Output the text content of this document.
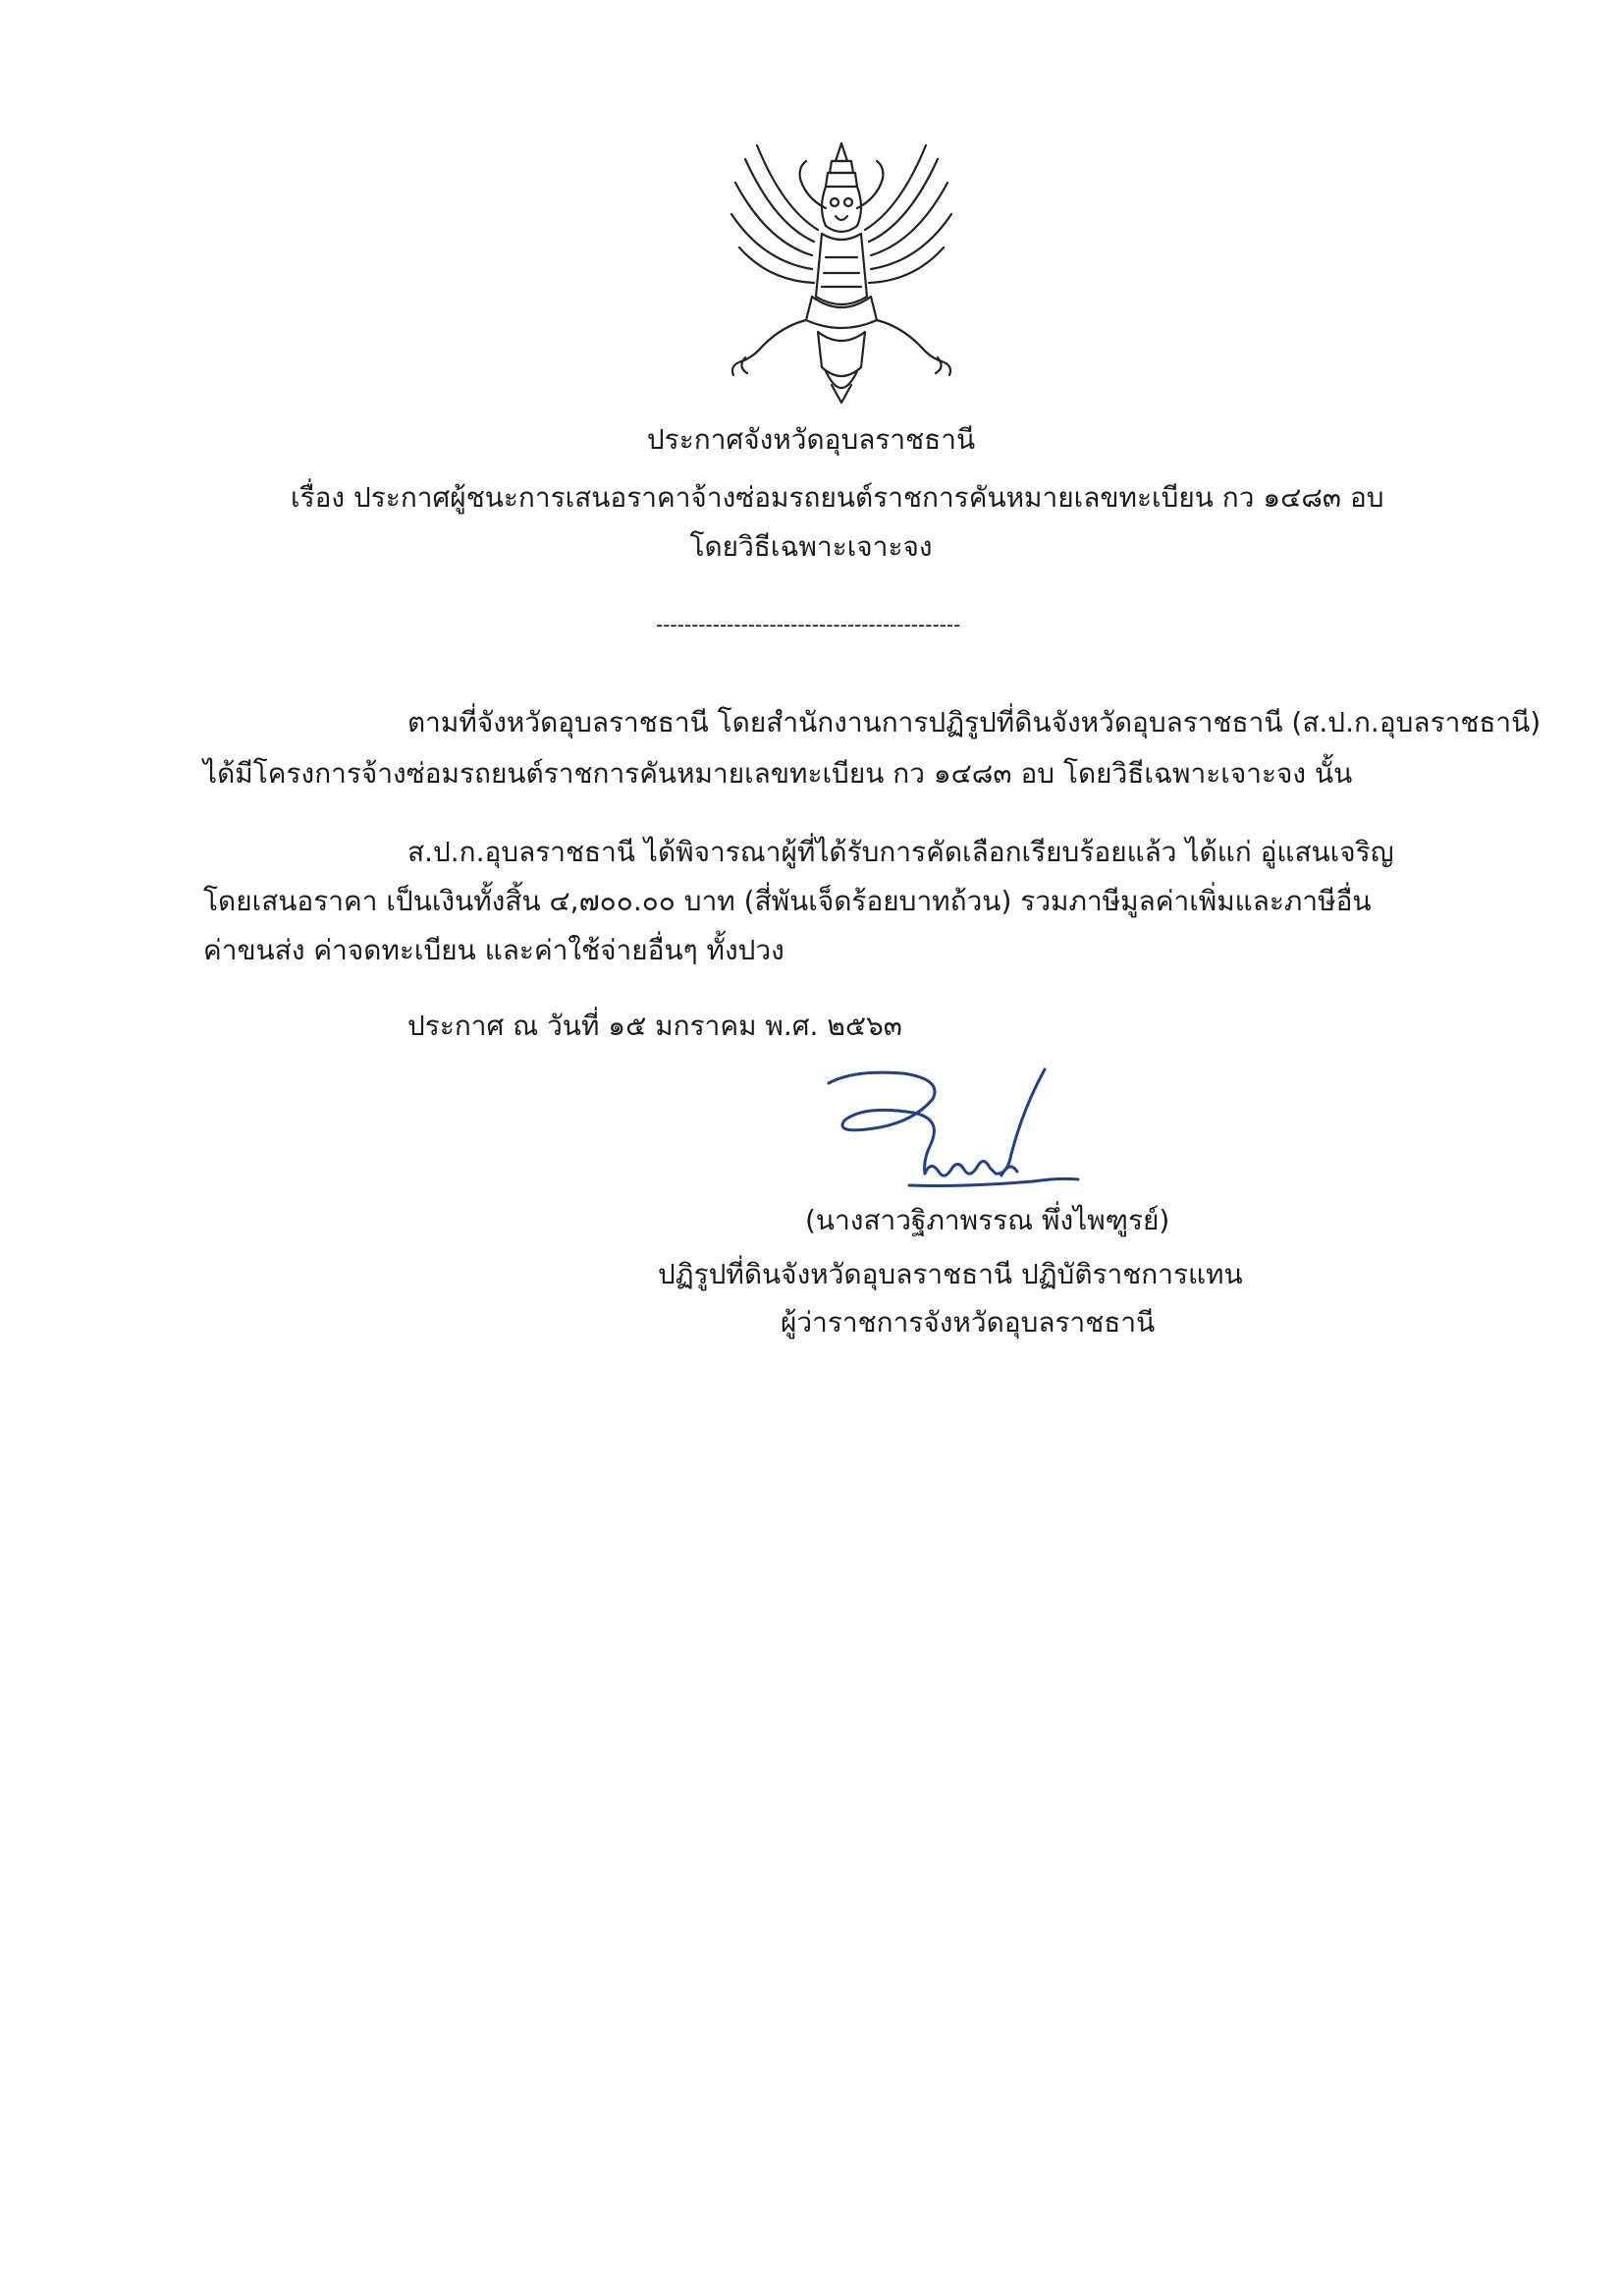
ประกาศจังหวัดอุบลราชธานี
เรื่อง ประกาศผู้ชนะการเสนอราคาจ้างซ่อมรถยนต์ราชการคันหมายเลขทะเบียน กว ๑๔๘๓ อบ
โดยวิธีเฉพาะเจาะจง
-------------------------------------------
ตามที่จังหวัดอุบลราชธานี โดยสำนักงานการปฏิรูปที่ดินจังหวัดอุบลราชธานี (ส.ป.ก.อุบลราชธานี)
ได้มีโครงการจ้างซ่อมรถยนต์ราชการคันหมายเลขทะเบียน กว ๑๔๘๓ อบ โดยวิธีเฉพาะเจาะจง นั้น
ส.ป.ก.อุบลราชธานี ได้พิจารณาผู้ที่ได้รับการคัดเลือกเรียบร้อยแล้ว ได้แก่ อู่แสนเจริญ
โดยเสนอราคา เป็นเงินทั้งสิ้น ๔,๗๐๐.๐๐ บาท (สี่พันเจ็ดร้อยบาทถ้วน) รวมภาษีมูลค่าเพิ่มและภาษีอื่น
ค่าขนส่ง ค่าจดทะเบียน และค่าใช้จ่ายอื่นๆ ทั้งปวง
ประกาศ ณ วันที่ ๑๕ มกราคม พ.ศ. ๒๕๖๓
(นางสาวฐิภาพรรณ พึ่งไพฑูรย์)
ปฏิรูปที่ดินจังหวัดอุบลราชธานี ปฏิบัติราชการแทน
ผู้ว่าราชการจังหวัดอุบลราชธานี
